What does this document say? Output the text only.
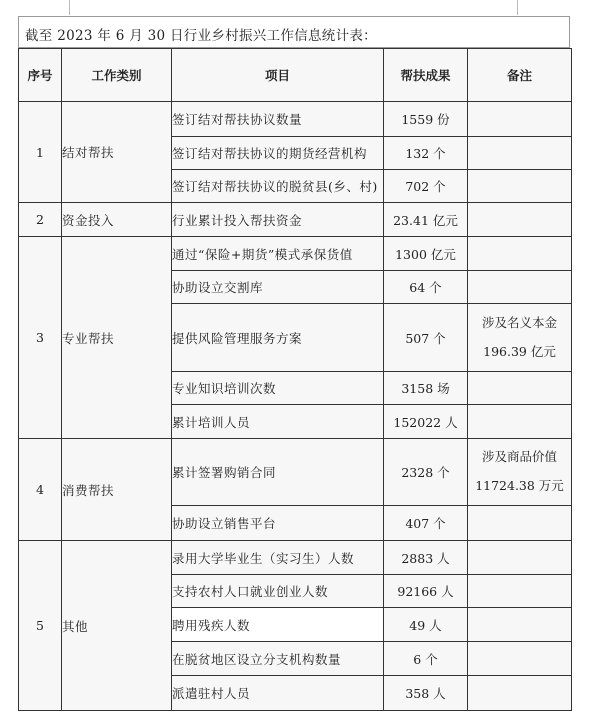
截至 2023 年 6 月 30 日行业乡村振兴工作信息统计表：
序号	工作类别	项目	帮扶成果	备注
1	结对帮扶	签订结对帮扶协议数量	1559 份	
		签订结对帮扶协议的期货经营机构	132 个	
		签订结对帮扶协议的脱贫县(乡、村)	702 个	
2	资金投入	行业累计投入帮扶资金	23.41 亿元	
3	专业帮扶	通过“保险+期货”模式承保货值	1300 亿元	
		协助设立交割库	64 个	
		提供风险管理服务方案	507 个	涉及名义本金
196.39 亿元
		专业知识培训次数	3158 场	
		累计培训人员	152022 人	
4	消费帮扶	累计签署购销合同	2328 个	涉及商品价值
11724.38 万元
		协助设立销售平台	407 个	
5	其他	录用大学毕业生（实习生）人数	2883 人	
		支持农村人口就业创业人数	92166 人	
		聘用残疾人数	49 人	
		在脱贫地区设立分支机构数量	6 个	
		派遣驻村人员	358 人	
